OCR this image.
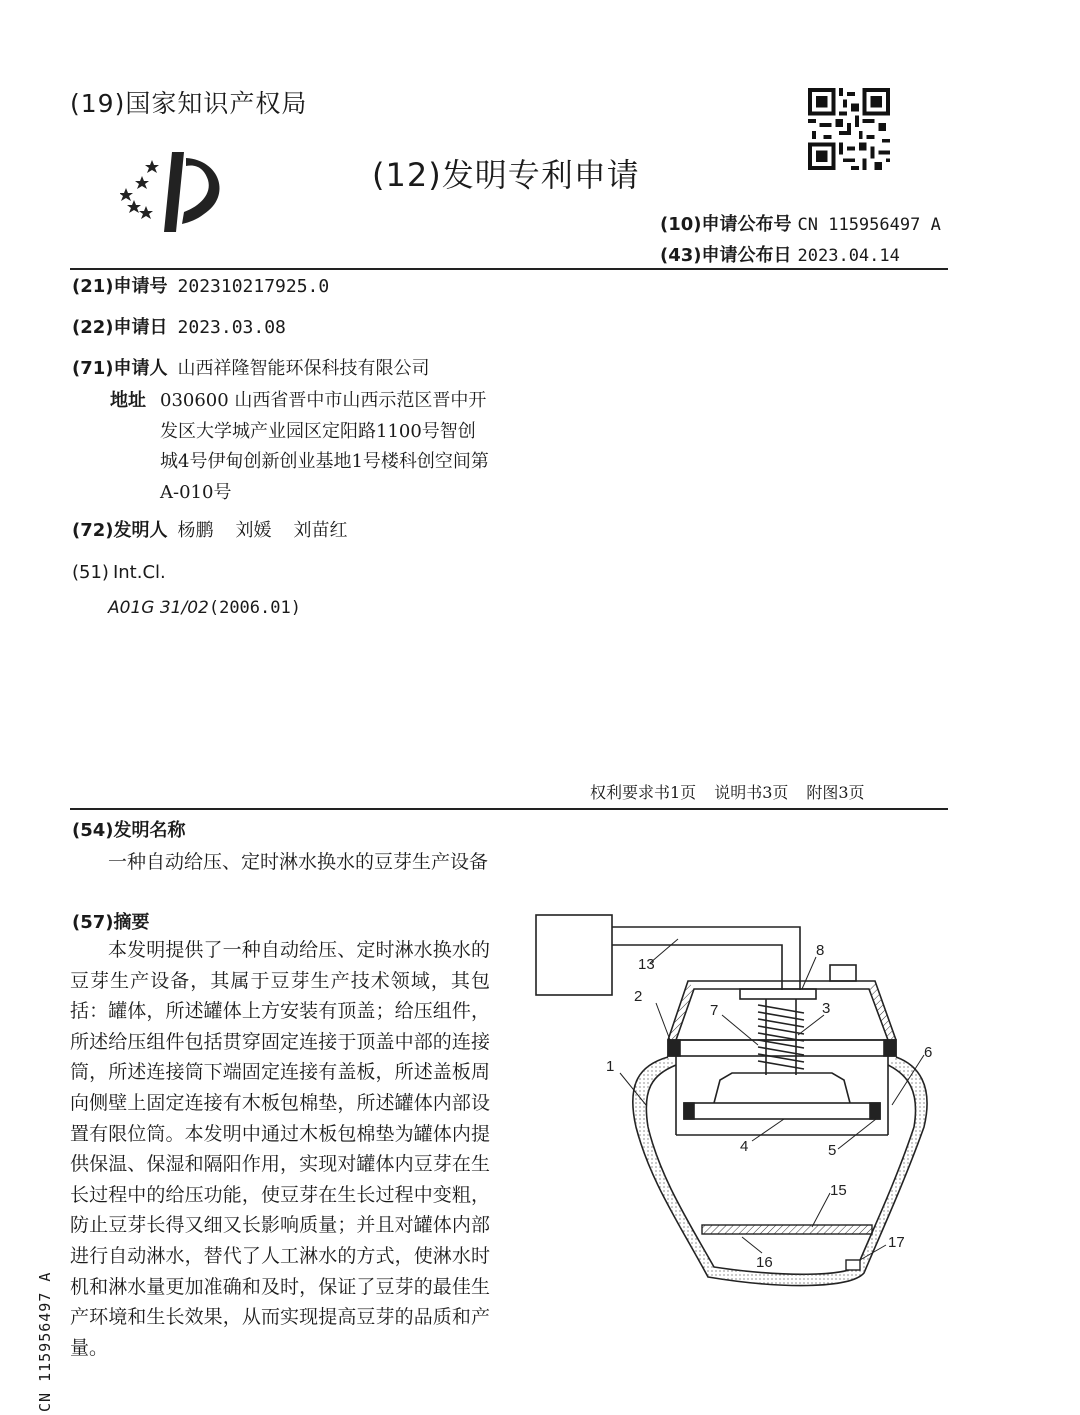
(19)国家知识产权局
(12)发明专利申请
(10)申请公布号 CN 115956497 A
(43)申请公布日 2023.04.14
(21)申请号 202310217925.0
(22)申请日 2023.03.08
(71)申请人 山西祥隆智能环保科技有限公司
地址 030600 山西省晋中市山西示范区晋中开发区大学城产业园区定阳路1100号智创城4号伊甸创新创业基地1号楼科创空间第A-010号
(72)发明人 杨鹏 刘媛 刘苗红
(51) Int.Cl.
A01G 31/02(2006.01)
权利要求书1页 说明书3页 附图3页
(54)发明名称
一种自动给压、定时淋水换水的豆芽生产设备
(57)摘要
本发明提供了一种自动给压、定时淋水换水的豆芽生产设备，其属于豆芽生产技术领域，其包括：罐体，所述罐体上方安装有顶盖；给压组件，所述给压组件包括贯穿固定连接于顶盖中部的连接筒，所述连接筒下端固定连接有盖板，所述盖板周向侧壁上固定连接有木板包棉垫，所述罐体内部设置有限位筒。本发明中通过木板包棉垫为罐体内提供保温、保湿和隔阳作用，实现对罐体内豆芽在生长过程中的给压功能，使豆芽在生长过程中变粗，防止豆芽长得又细又长影响质量；并且对罐体内部进行自动淋水，替代了人工淋水的方式，使淋水时机和淋水量更加准确和及时，保证了豆芽的最佳生产环境和生长效果，从而实现提高豆芽的品质和产量。
CN 115956497 A
13
2
7	3
8
1
6
4	5
15
16
17
